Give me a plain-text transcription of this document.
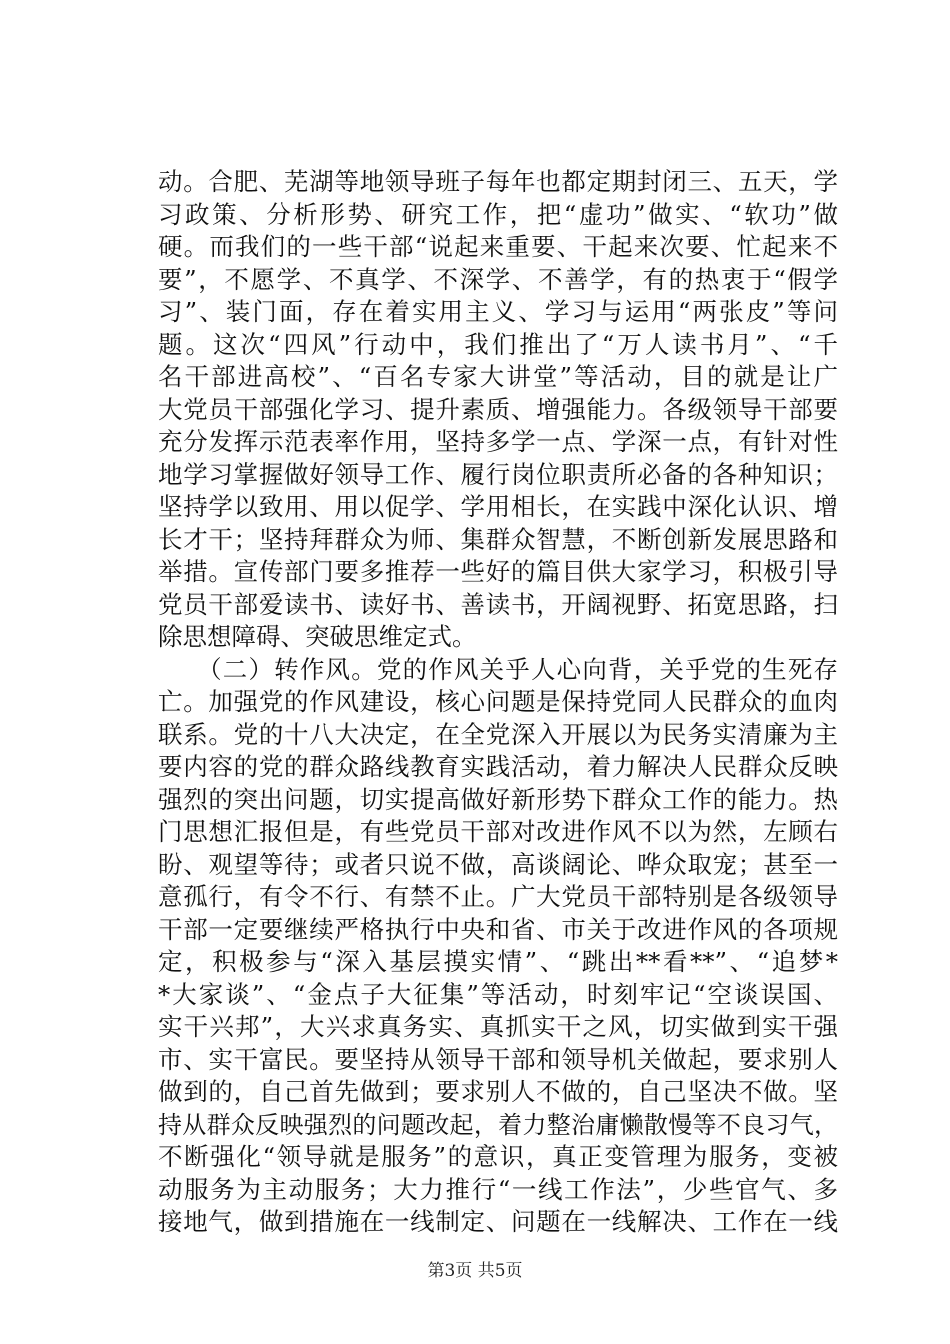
动。合肥、芜湖等地领导班子每年也都定期封闭三、五天，学
习政策、分析形势、研究工作，把“虚功”做实、“软功”做
硬。而我们的一些干部“说起来重要、干起来次要、忙起来不
要”，不愿学、不真学、不深学、不善学，有的热衷于“假学
习”、装门面，存在着实用主义、学习与运用“两张皮”等问
题。这次“四风”行动中，我们推出了“万人读书月”、“千
名干部进高校”、“百名专家大讲堂”等活动，目的就是让广
大党员干部强化学习、提升素质、增强能力。各级领导干部要
充分发挥示范表率作用，坚持多学一点、学深一点，有针对性
地学习掌握做好领导工作、履行岗位职责所必备的各种知识；
坚持学以致用、用以促学、学用相长，在实践中深化认识、增
长才干；坚持拜群众为师、集群众智慧，不断创新发展思路和
举措。宣传部门要多推荐一些好的篇目供大家学习，积极引导
党员干部爱读书、读好书、善读书，开阔视野、拓宽思路，扫
除思想障碍、突破思维定式。
　　（二）转作风。党的作风关乎人心向背，关乎党的生死存
亡。加强党的作风建设，核心问题是保持党同人民群众的血肉
联系。党的十八大决定，在全党深入开展以为民务实清廉为主
要内容的党的群众路线教育实践活动，着力解决人民群众反映
强烈的突出问题，切实提高做好新形势下群众工作的能力。热
门思想汇报但是，有些党员干部对改进作风不以为然，左顾右
盼、观望等待；或者只说不做，高谈阔论、哗众取宠；甚至一
意孤行，有令不行、有禁不止。广大党员干部特别是各级领导
干部一定要继续严格执行中央和省、市关于改进作风的各项规
定，积极参与“深入基层摸实情”、“跳出**看**”、“追梦*
*大家谈”、“金点子大征集”等活动，时刻牢记“空谈误国、
实干兴邦”，大兴求真务实、真抓实干之风，切实做到实干强
市、实干富民。要坚持从领导干部和领导机关做起，要求别人
做到的，自己首先做到；要求别人不做的，自己坚决不做。坚
持从群众反映强烈的问题改起，着力整治庸懒散慢等不良习气，
不断强化“领导就是服务”的意识，真正变管理为服务，变被
动服务为主动服务；大力推行“一线工作法”，少些官气、多
接地气，做到措施在一线制定、问题在一线解决、工作在一线
第3页 共5页
